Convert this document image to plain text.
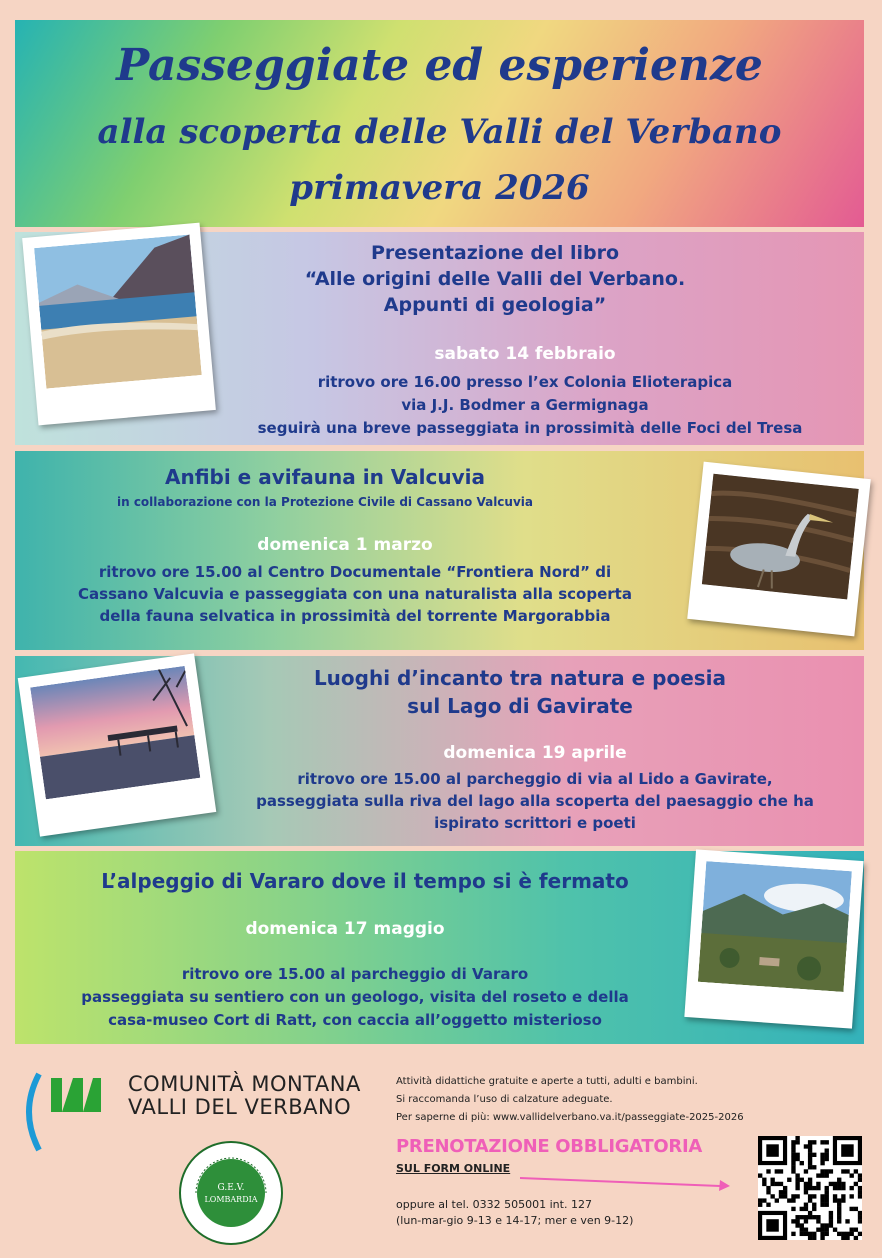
Passeggiate ed esperienze
alla scoperta delle Valli del Verbano
primavera 2026
Presentazione del libro
“Alle origini delle Valli del Verbano.
Appunti di geologia”
sabato 14 febbraio
ritrovo ore 16.00 presso l’ex Colonia Elioterapica
via J.J. Bodmer a Germignaga
seguirà una breve passeggiata in prossimità delle Foci del Tresa
Anfibi e avifauna in Valcuvia
in collaborazione con la Protezione Civile di Cassano Valcuvia
domenica 1 marzo
ritrovo ore 15.00 al Centro Documentale “Frontiera Nord” di
Cassano Valcuvia e passeggiata con una naturalista alla scoperta
della fauna selvatica in prossimità del torrente Margorabbia
Luoghi d’incanto tra natura e poesia
sul Lago di Gavirate
domenica 19 aprile
ritrovo ore 15.00 al parcheggio di via al Lido a Gavirate,
passeggiata sulla riva del lago alla scoperta del paesaggio che ha
ispirato scrittori e poeti
L’alpeggio di Vararo dove il tempo si è fermato
domenica 17 maggio
ritrovo ore 15.00 al parcheggio di Vararo
passeggiata su sentiero con un geologo, visita del roseto e della
casa-museo Cort di Ratt, con caccia all’oggetto misterioso
COMUNITÀ MONTANA
VALLI DEL VERBANO
G.E.V.
LOMBARDIA
Attività didattiche gratuite e aperte a tutti, adulti e bambini.
Si raccomanda l’uso di calzature adeguate.
Per saperne di più: www.vallidelverbano.va.it/passeggiate-2025-2026
PRENOTAZIONE OBBLIGATORIA
SUL FORM ONLINE
oppure al tel. 0332 505001 int. 127
(lun-mar-gio 9-13 e 14-17; mer e ven 9-12)
